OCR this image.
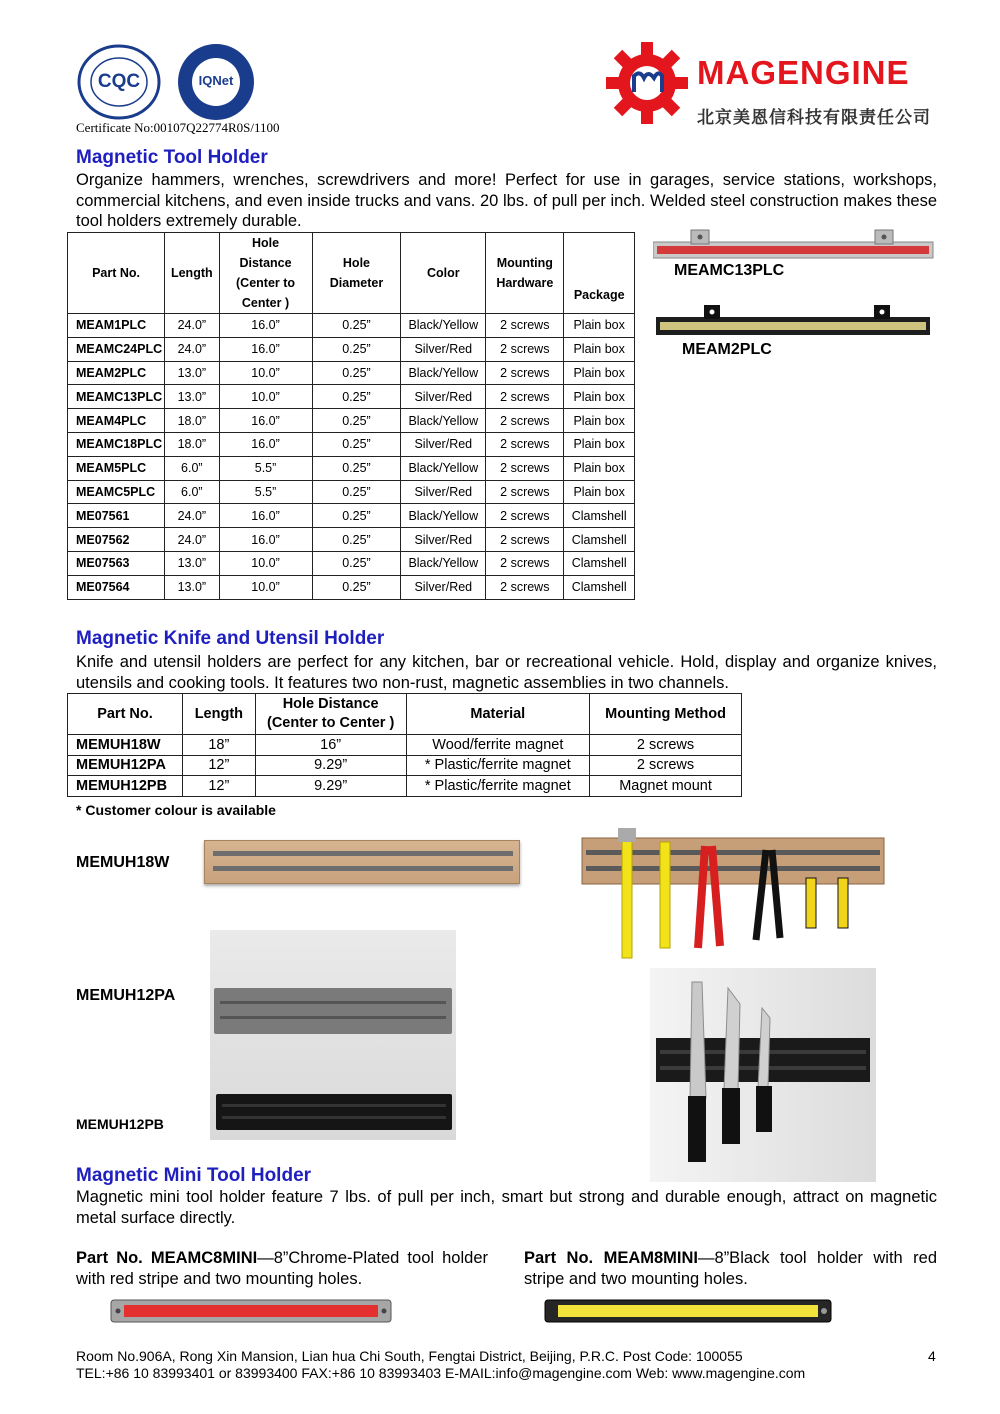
CQC	IQNet
Certificate No:00107Q22774R0S/1100
MAGENGINE
北京美恩信科技有限责任公司
Magnetic Tool Holder
Organize hammers, wrenches, screwdrivers and more! Perfect for use in garages, service stations, workshops, commercial kitchens, and even inside trucks and vans. 20 lbs. of pull per inch. Welded steel construction makes these tool holders extremely durable.
Part No.	Length	Hole Distance (Center to Center )	Hole Diameter	Color	Mounting Hardware	Package
MEAM1PLC	24.0”	16.0”	0.25”	Black/Yellow	2 screws	Plain box
MEAMC24PLC	24.0”	16.0”	0.25”	Silver/Red	2 screws	Plain box
MEAM2PLC	13.0”	10.0”	0.25”	Black/Yellow	2 screws	Plain box
MEAMC13PLC	13.0”	10.0”	0.25”	Silver/Red	2 screws	Plain box
MEAM4PLC	18.0”	16.0”	0.25”	Black/Yellow	2 screws	Plain box
MEAMC18PLC	18.0”	16.0”	0.25”	Silver/Red	2 screws	Plain box
MEAM5PLC	6.0”	5.5”	0.25”	Black/Yellow	2 screws	Plain box
MEAMC5PLC	6.0”	5.5”	0.25”	Silver/Red	2 screws	Plain box
ME07561	24.0”	16.0”	0.25”	Black/Yellow	2 screws	Clamshell
ME07562	24.0”	16.0”	0.25”	Silver/Red	2 screws	Clamshell
ME07563	13.0”	10.0”	0.25”	Black/Yellow	2 screws	Clamshell
ME07564	13.0”	10.0”	0.25”	Silver/Red	2 screws	Clamshell
MEAMC13PLC
MEAM2PLC
Magnetic Knife and Utensil Holder
Knife and utensil holders are perfect for any kitchen, bar or recreational vehicle. Hold, display and organize knives, utensils and cooking tools. It features two non-rust, magnetic assemblies in two channels.
Part No.	Length	Hole Distance (Center to Center )	Material	Mounting Method
MEMUH18W	18”	16”	Wood/ferrite magnet	2 screws
MEMUH12PA	12”	9.29”	* Plastic/ferrite magnet	2 screws
MEMUH12PB	12”	9.29”	* Plastic/ferrite magnet	Magnet mount
* Customer colour is available
MEMUH18W
MEMUH12PA
MEMUH12PB
Magnetic Mini Tool Holder
Magnetic mini tool holder feature 7 lbs. of pull per inch, smart but strong and durable enough, attract on magnetic metal surface directly.
Part No. MEAMC8MINI—8”Chrome-Plated tool holder with red stripe and two mounting holes.
Part No. MEAM8MINI—8”Black tool holder with red stripe and two mounting holes.
Room No.906A, Rong Xin Mansion, Lian hua Chi South, Fengtai District, Beijing, P.R.C. Post Code: 100055
TEL:+86 10 83993401 or 83993400 FAX:+86 10 83993403 E-MAIL:info@magengine.com Web: www.magengine.com
4
